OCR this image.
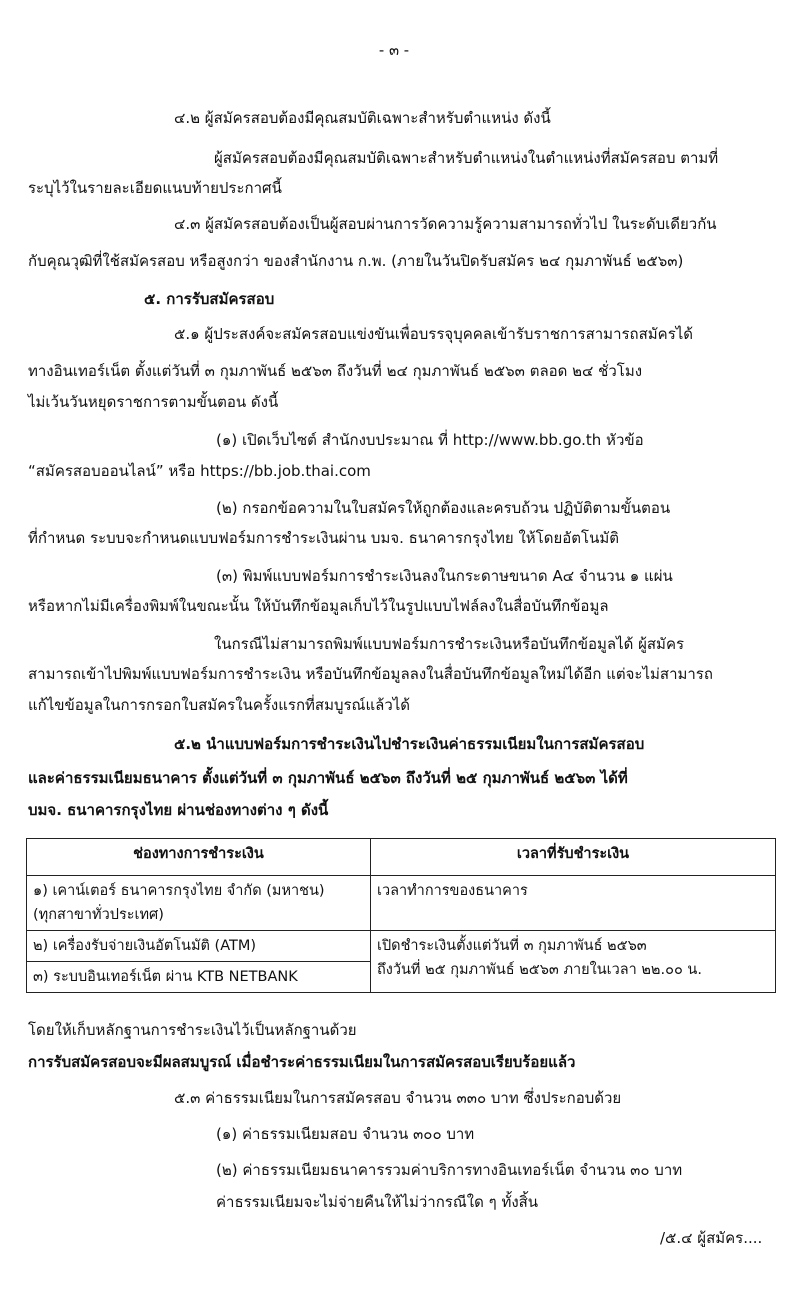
- ๓ -
๔.๒ ผู้สมัครสอบต้องมีคุณสมบัติเฉพาะสำหรับตำแหน่ง ดังนี้
ผู้สมัครสอบต้องมีคุณสมบัติเฉพาะสำหรับตำแหน่งในตำแหน่งที่สมัครสอบ ตามที่
ระบุไว้ในรายละเอียดแนบท้ายประกาศนี้
๔.๓ ผู้สมัครสอบต้องเป็นผู้สอบผ่านการวัดความรู้ความสามารถทั่วไป ในระดับเดียวกัน
กับคุณวุฒิที่ใช้สมัครสอบ หรือสูงกว่า ของสำนักงาน ก.พ. (ภายในวันปิดรับสมัคร ๒๔ กุมภาพันธ์ ๒๕๖๓)
๕. การรับสมัครสอบ
๕.๑ ผู้ประสงค์จะสมัครสอบแข่งขันเพื่อบรรจุบุคคลเข้ารับราชการสามารถสมัครได้
ทางอินเทอร์เน็ต ตั้งแต่วันที่ ๓ กุมภาพันธ์ ๒๕๖๓ ถึงวันที่ ๒๔ กุมภาพันธ์ ๒๕๖๓ ตลอด ๒๔ ชั่วโมง
ไม่เว้นวันหยุดราชการตามขั้นตอน ดังนี้
(๑) เปิดเว็บไซต์ สำนักงบประมาณ ที่ http://www.bb.go.th หัวข้อ
“สมัครสอบออนไลน์” หรือ https://bb.job.thai.com
(๒) กรอกข้อความในใบสมัครให้ถูกต้องและครบถ้วน ปฏิบัติตามขั้นตอน
ที่กำหนด ระบบจะกำหนดแบบฟอร์มการชำระเงินผ่าน บมจ. ธนาคารกรุงไทย ให้โดยอัตโนมัติ
(๓) พิมพ์แบบฟอร์มการชำระเงินลงในกระดาษขนาด A๔ จำนวน ๑ แผ่น
หรือหากไม่มีเครื่องพิมพ์ในขณะนั้น ให้บันทึกข้อมูลเก็บไว้ในรูปแบบไฟล์ลงในสื่อบันทึกข้อมูล
ในกรณีไม่สามารถพิมพ์แบบฟอร์มการชำระเงินหรือบันทึกข้อมูลได้ ผู้สมัคร
สามารถเข้าไปพิมพ์แบบฟอร์มการชำระเงิน หรือบันทึกข้อมูลลงในสื่อบันทึกข้อมูลใหม่ได้อีก แต่จะไม่สามารถ
แก้ไขข้อมูลในการกรอกใบสมัครในครั้งแรกที่สมบูรณ์แล้วได้
๕.๒ นำแบบฟอร์มการชำระเงินไปชำระเงินค่าธรรมเนียมในการสมัครสอบ
และค่าธรรมเนียมธนาคาร ตั้งแต่วันที่ ๓ กุมภาพันธ์ ๒๕๖๓ ถึงวันที่ ๒๕ กุมภาพันธ์ ๒๕๖๓ ได้ที่
บมจ. ธนาคารกรุงไทย ผ่านช่องทางต่าง ๆ ดังนี้
ช่องทางการชำระเงิน	เวลาที่รับชำระเงิน

๑) เคาน์เตอร์ ธนาคารกรุงไทย จำกัด (มหาชน)
(ทุกสาขาทั่วประเทศ)	เวลาทำการของธนาคาร
๒) เครื่องรับจ่ายเงินอัตโนมัติ (ATM)	เปิดชำระเงินตั้งแต่วันที่ ๓ กุมภาพันธ์ ๒๕๖๓
ถึงวันที่ ๒๕ กุมภาพันธ์ ๒๕๖๓ ภายในเวลา ๒๒.๐๐ น.

๓) ระบบอินเทอร์เน็ต ผ่าน KTB NETBANK	
โดยให้เก็บหลักฐานการชำระเงินไว้เป็นหลักฐานด้วย
การรับสมัครสอบจะมีผลสมบูรณ์ เมื่อชำระค่าธรรมเนียมในการสมัครสอบเรียบร้อยแล้ว
๕.๓ ค่าธรรมเนียมในการสมัครสอบ จำนวน ๓๓๐ บาท ซึ่งประกอบด้วย
(๑) ค่าธรรมเนียมสอบ จำนวน ๓๐๐ บาท
(๒) ค่าธรรมเนียมธนาคารรวมค่าบริการทางอินเทอร์เน็ต จำนวน ๓๐ บาท
ค่าธรรมเนียมจะไม่จ่ายคืนให้ไม่ว่ากรณีใด ๆ ทั้งสิ้น
/๕.๔ ผู้สมัคร....
